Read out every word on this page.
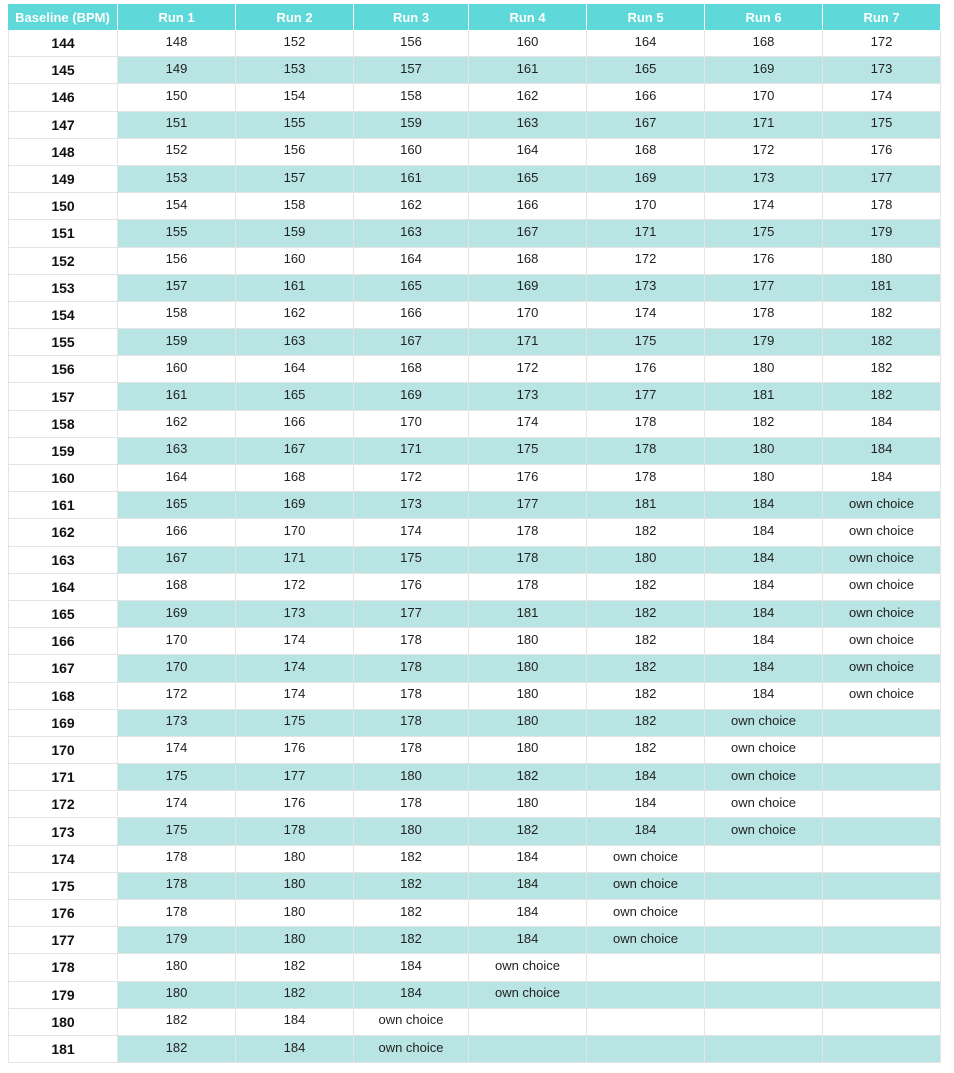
Baseline (BPM)	Run 1	Run 2	Run 3	Run 4	Run 5	Run 6	Run 7
144	148	152	156	160	164	168	172
145	149	153	157	161	165	169	173
146	150	154	158	162	166	170	174
147	151	155	159	163	167	171	175
148	152	156	160	164	168	172	176
149	153	157	161	165	169	173	177
150	154	158	162	166	170	174	178
151	155	159	163	167	171	175	179
152	156	160	164	168	172	176	180
153	157	161	165	169	173	177	181
154	158	162	166	170	174	178	182
155	159	163	167	171	175	179	182
156	160	164	168	172	176	180	182
157	161	165	169	173	177	181	182
158	162	166	170	174	178	182	184
159	163	167	171	175	178	180	184
160	164	168	172	176	178	180	184
161	165	169	173	177	181	184	own choice
162	166	170	174	178	182	184	own choice
163	167	171	175	178	180	184	own choice
164	168	172	176	178	182	184	own choice
165	169	173	177	181	182	184	own choice
166	170	174	178	180	182	184	own choice
167	170	174	178	180	182	184	own choice
168	172	174	178	180	182	184	own choice
169	173	175	178	180	182	own choice	
170	174	176	178	180	182	own choice	
171	175	177	180	182	184	own choice	
172	174	176	178	180	184	own choice	
173	175	178	180	182	184	own choice	
174	178	180	182	184	own choice		
175	178	180	182	184	own choice		
176	178	180	182	184	own choice		
177	179	180	182	184	own choice		
178	180	182	184	own choice			
179	180	182	184	own choice			
180	182	184	own choice				
181	182	184	own choice				
